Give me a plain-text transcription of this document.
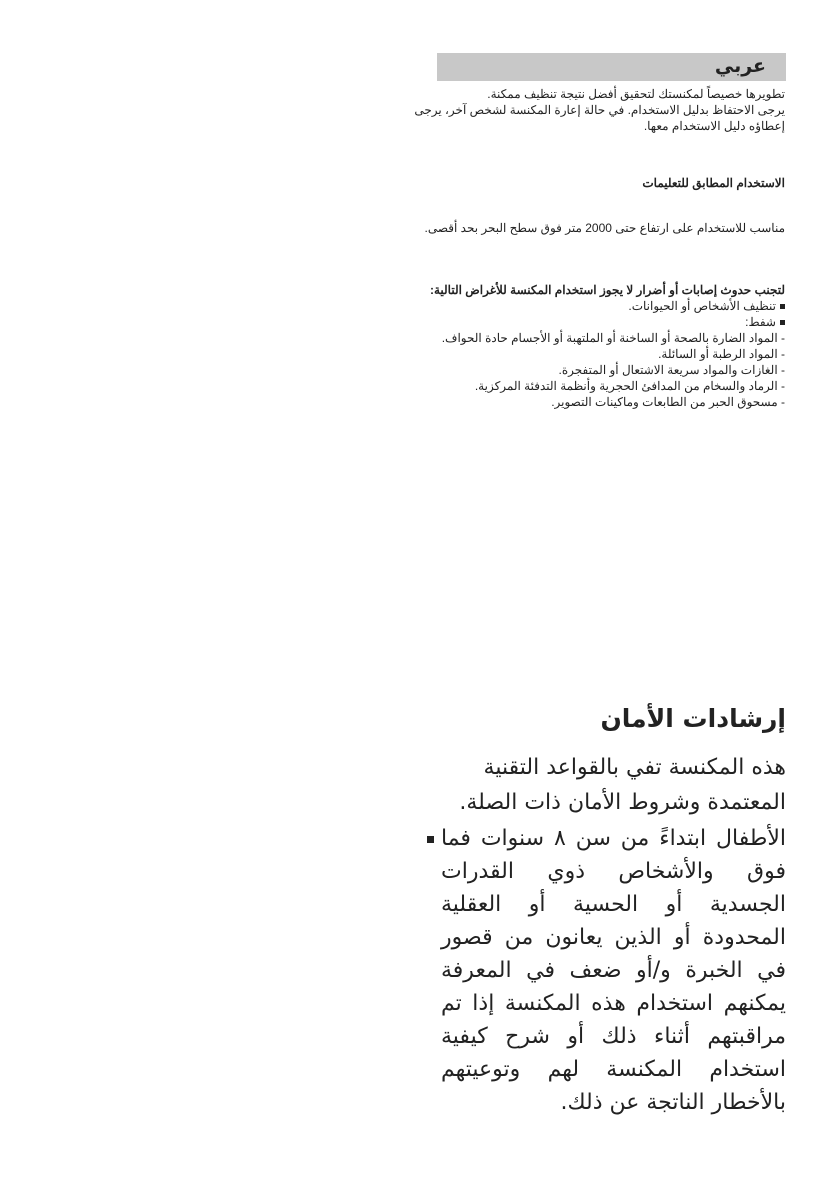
عربي
تطويرها خصيصاً لمكنستك لتحقيق أفضل نتيجة تنظيف ممكنة.
يرجى الاحتفاظ بدليل الاستخدام. في حالة إعارة المكنسة لشخص آخر، يرجى إعطاؤه دليل الاستخدام معها.
الاستخدام المطابق للتعليمات
مناسب للاستخدام على ارتفاع حتى 2000 متر فوق سطح البحر بحد أقصى.
لتجنب حدوث إصابات أو أضرار لا يجوز استخدام المكنسة للأغراض التالية:
تنظيف الأشخاص أو الحيوانات.
شفط:
- المواد الضارة بالصحة أو الساخنة أو الملتهبة أو الأجسام حادة الحواف.
- المواد الرطبة أو السائلة.
- الغازات والمواد سريعة الاشتعال أو المتفجرة.
- الرماد والسخام من المدافئ الحجرية وأنظمة التدفئة المركزية.
- مسحوق الحبر من الطابعات وماكينات التصوير.
إرشادات الأمان
هذه المكنسة تفي بالقواعد التقنية المعتمدة وشروط الأمان ذات الصلة.
الأطفال ابتداءً من سن ٨ سنوات فما فوق والأشخاص ذوي القدرات الجسدية أو الحسية أو العقلية المحدودة أو الذين يعانون من قصور في الخبرة و/أو ضعف في المعرفة يمكنهم استخدام هذه المكنسة إذا تم مراقبتهم أثناء ذلك أو شرح كيفية استخدام المكنسة لهم وتوعيتهم بالأخطار الناتجة عن ذلك.
